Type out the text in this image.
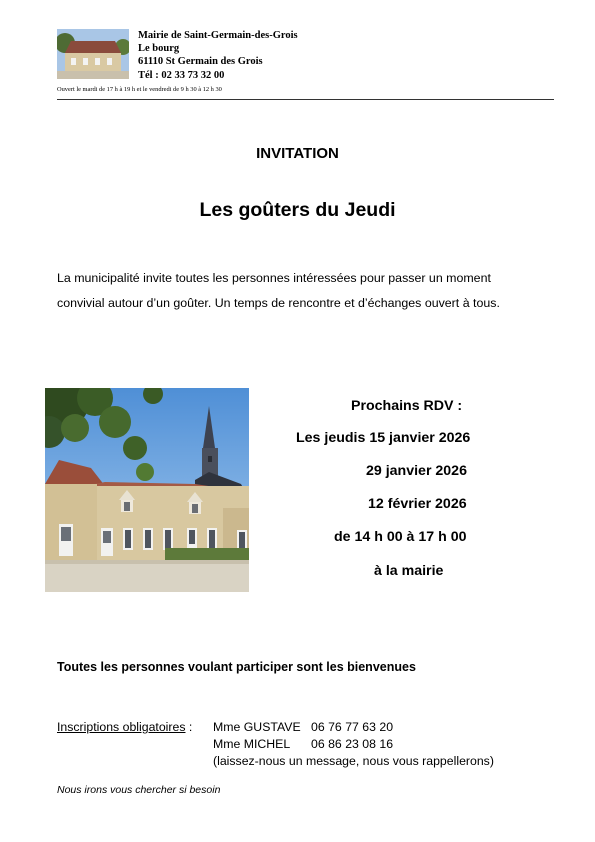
Mairie de Saint-Germain-des-Grois
Le bourg
61110 St Germain des Grois
Tél : 02 33 73 32 00
Ouvert le mardi de 17 h à 19 h et le vendredi de 9 h 30 à 12 h 30
INVITATION
Les goûters du Jeudi
La municipalité invite toutes les personnes intéressées pour passer un moment
convivial autour d’un goûter. Un temps de rencontre et d’échanges ouvert à tous.
Prochains RDV :
Les jeudis 15 janvier 2026
29 janvier 2026
12 février 2026
de 14 h 00 à 17 h 00
à la mairie
Toutes les personnes voulant participer sont les bienvenues
Inscriptions obligatoires : Mme GUSTAVE 06 76 77 63 20
Mme MICHEL 06 86 23 08 16
(laissez-nous un message, nous vous rappellerons)
Nous irons vous chercher si besoin
